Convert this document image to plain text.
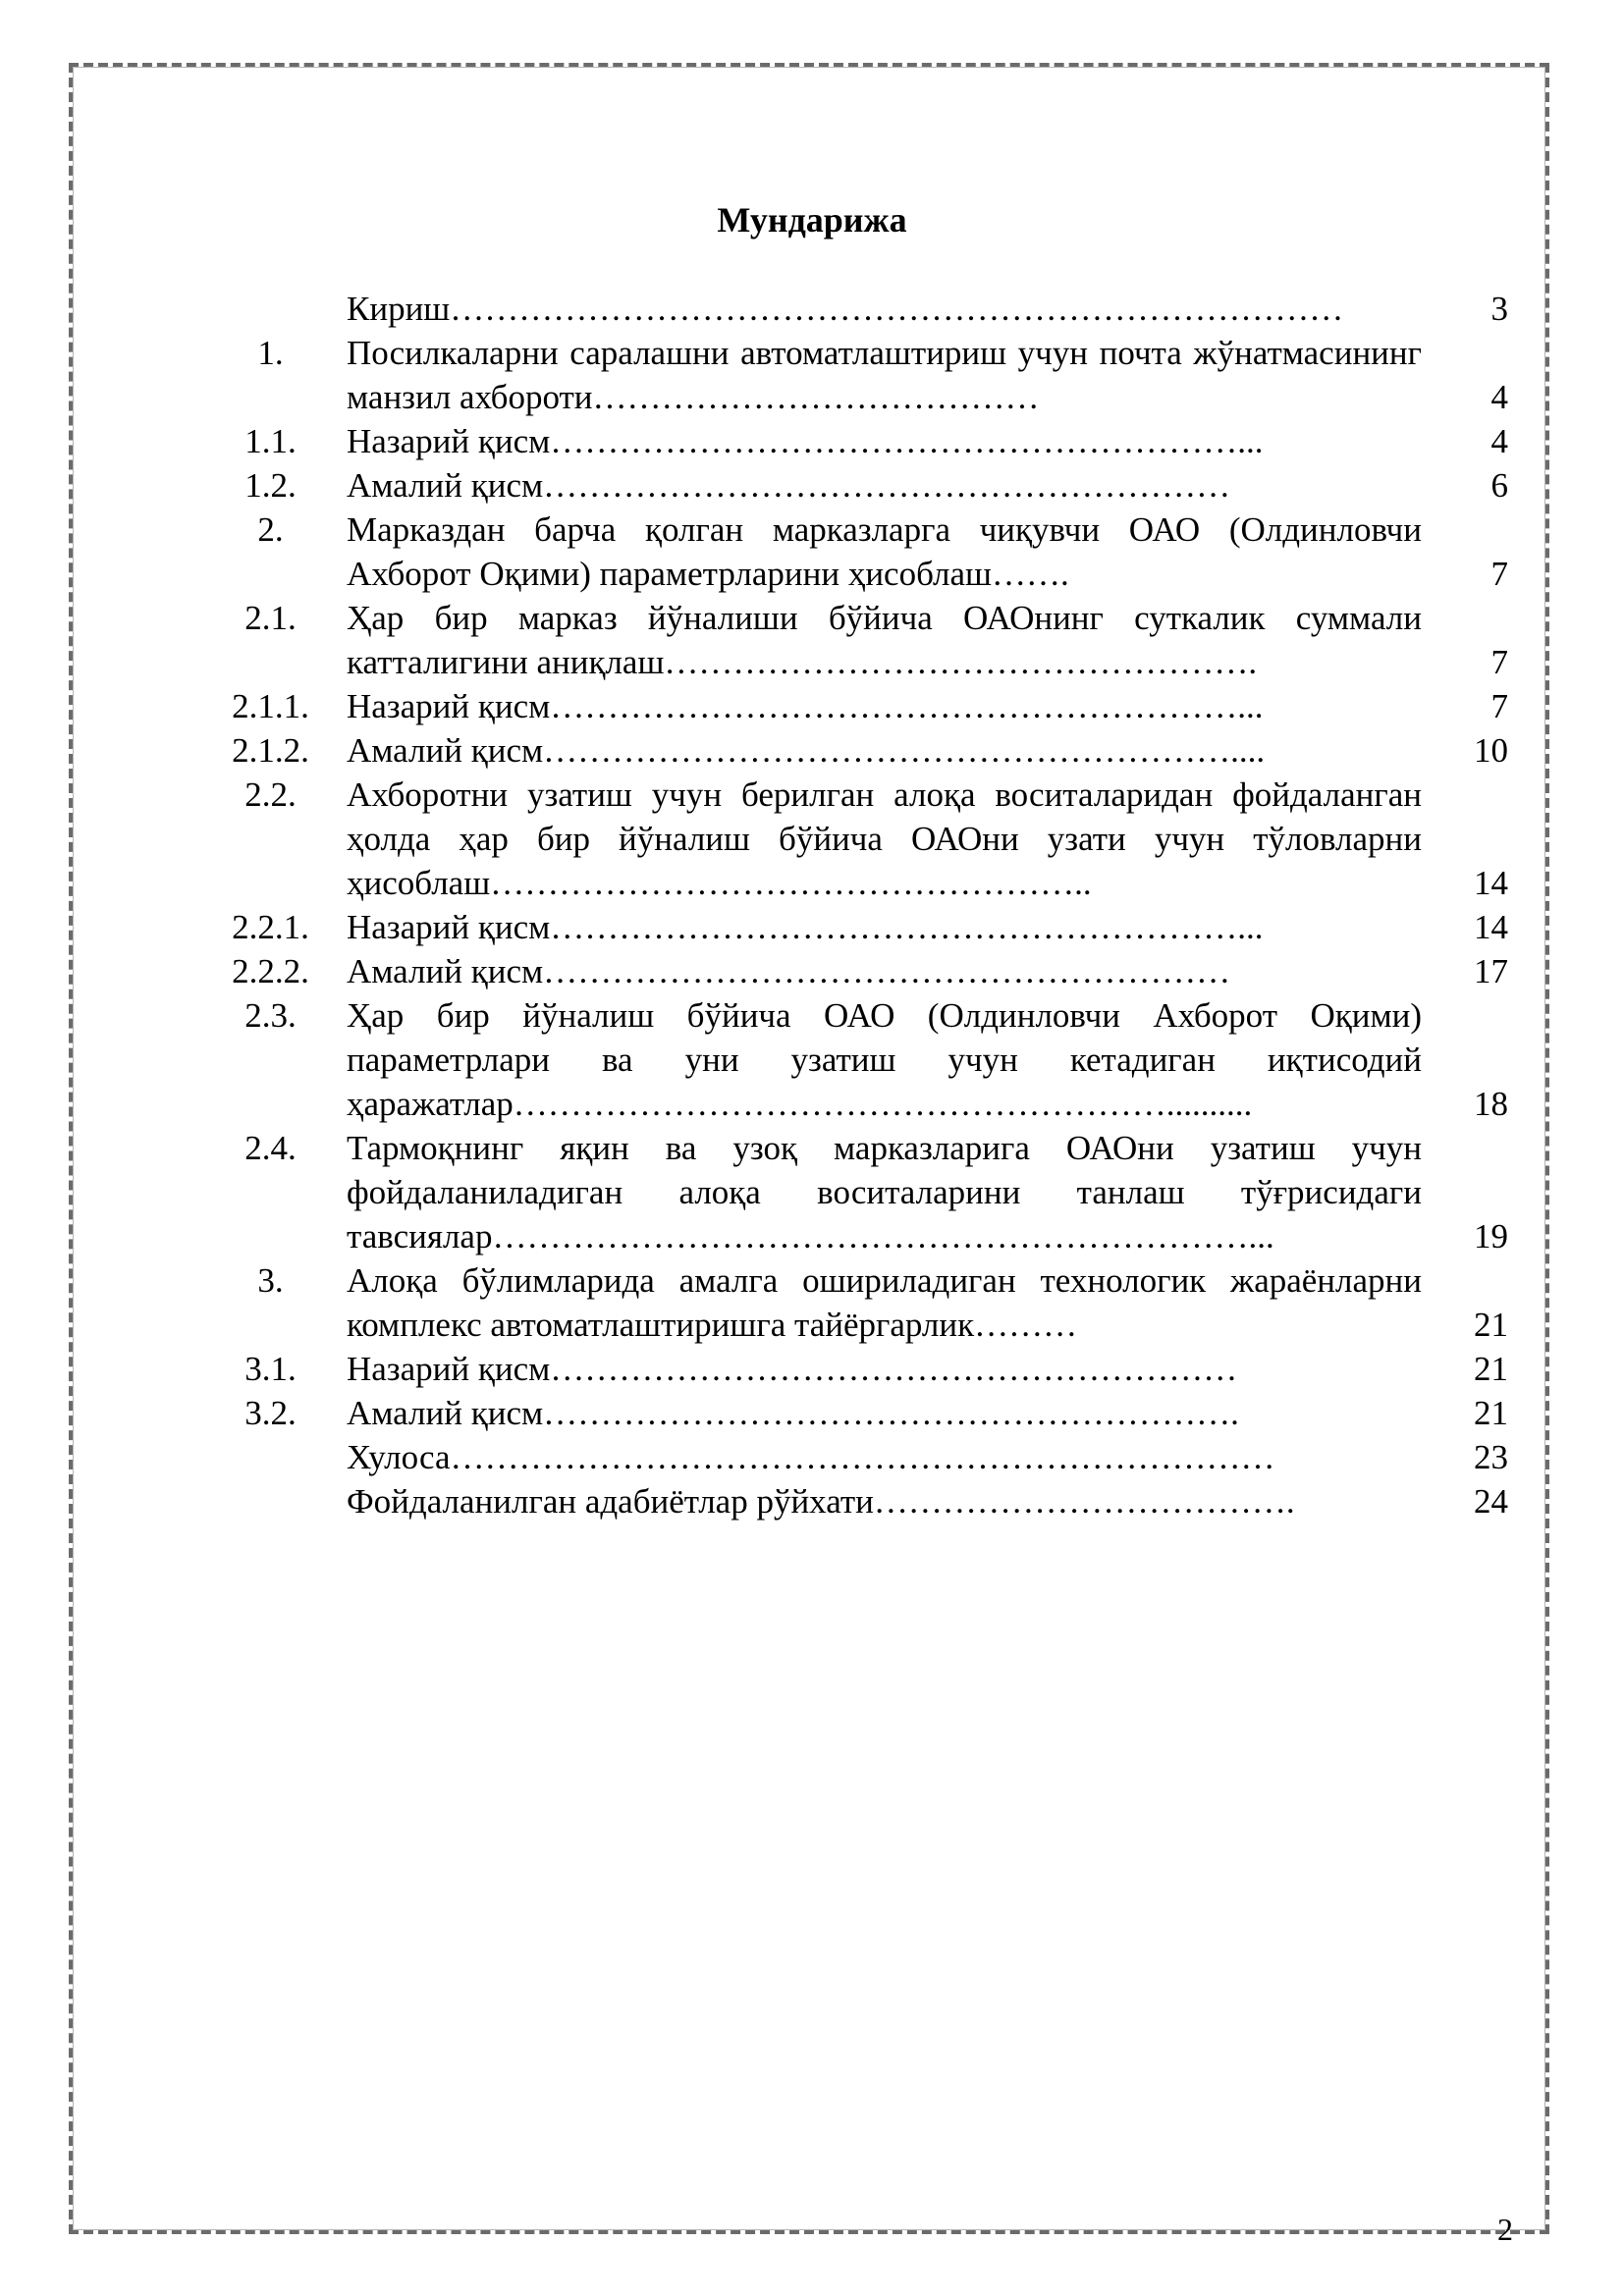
Мундарижа
Кириш……………………………………………………………………	3
1.	Посилкаларни саралашни автоматлаштириш учун почта жўнатмасининг манзил ахбороти…………………………………	4
1.1.	Назарий қисм……………………………………………………...	4
1.2.	Амалий қисм……………………………………………………	6
2.	Марказдан барча қолган марказларга чиқувчи ОАО (Олдинловчи Ахборот Оқими) параметрларини ҳисоблаш…….	7
2.1.	Ҳар бир марказ йўналиши бўйича ОАОнинг суткалик суммали катталигини аниқлаш…………………………………………….	7
2.1.1. Назарий қисм……………………………………………………...	7
2.1.2. Амалий қисм……………………………………………………....	10
2.2.	Ахборотни узатиш учун берилган алоқа воситаларидан фойдаланган ҳолда ҳар бир йўналиш бўйича ОАОни узати учун тўловларни ҳисоблаш……………………………………………..	14
2.2.1. Назарий қисм……………………………………………………...	14
2.2.2. Амалий қисм……………………………………………………	17
2.3.	Ҳар бир йўналиш бўйича ОАО (Олдинловчи Ахборот Оқими) параметрлари ва уни узатиш учун кетадиган иқтисодий ҳаражатлар…………………………………………………..........	18
2.4.	Тармоқнинг яқин ва узоқ марказларига ОАОни узатиш учун фойдаланиладиган алоқа воситаларини танлаш тўғрисидаги тавсиялар…………………………………………………………...	19
3.	Алоқа бўлимларида амалга ошириладиган технологик жараёнларни комплекс автоматлаштиришга тайёргарлик………	21
3.1.	Назарий қисм……………………………………………………	21
3.2.	Амалий қисм…………………………………………………….	21
Хулоса………………………………………………………………	23
Фойдаланилган адабиётлар рўйхати……………………………….	24
2
